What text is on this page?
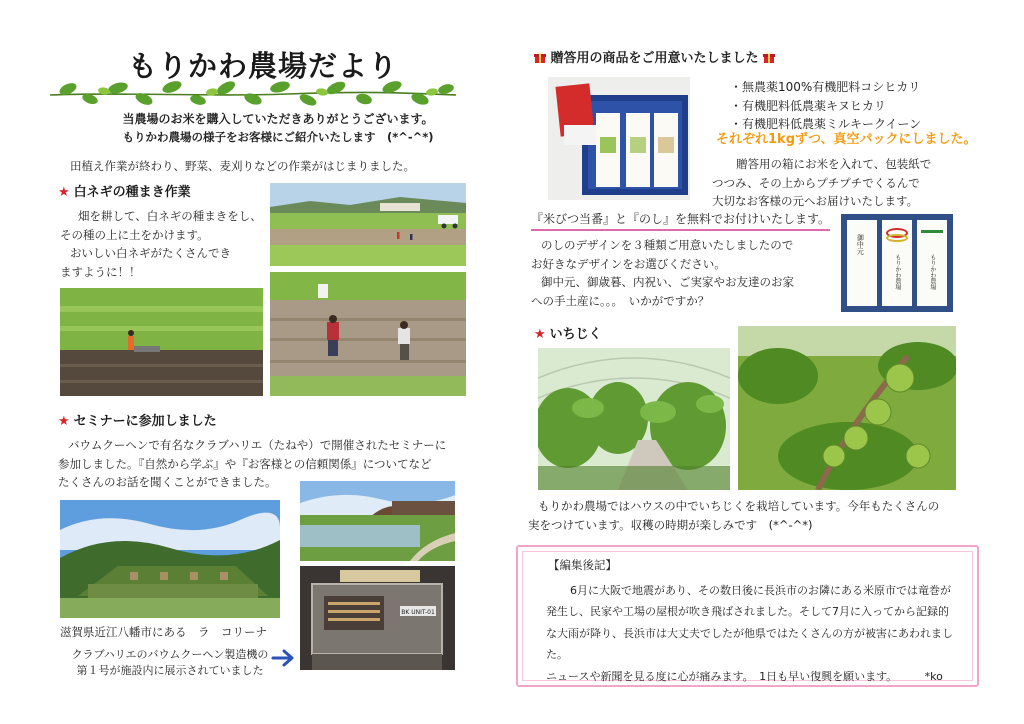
もりかわ農場だより
当農場のお米を購入していただきありがとうございます。
もりかわ農場の様子をお客様にご紹介いたします　(*^-^*)
田植え作業が終わり、野菜、麦刈りなどの作業がはじまりました。
★ 白ネギの種まき作業
畑を耕して、白ネギの種まきをし、
その種の上に土をかけます。
おいしい白ネギがたくさんでき
ますように！！
★ セミナーに参加しました
バウムクーヘンで有名なクラブハリエ（たねや）で開催されたセミナーに
参加しました。『自然から学ぶ』や『お客様との信頼関係』についてなど
たくさんのお話を聞くことができました。
滋賀県近江八幡市にある　ラ　コリーナ
クラブハリエのバウムクーヘン製造機の
第１号が施設内に展示されていました
BK UNIT-01
贈答用の商品をご用意いたしました
・無農薬100%有機肥料コシヒカリ
・有機肥料低農薬キヌヒカリ
・有機肥料低農薬ミルキークイーン
それぞれ1kgずつ、真空パックにしました。
贈答用の箱にお米を入れて、包装紙で
つつみ、その上からプチプチでくるんで
大切なお客様の元へお届けいたします。
『米びつ当番』と『のし』を無料でお付けいたします。
のしのデザインを３種類ご用意いたしましたので
お好きなデザインをお選びください。
御中元、御歳暮、内祝い、ご実家やお友達のお家
への手土産に。。。　いかがですか？
御中元
もりかわ農場	もりかわ農場
★ いちじく
もりかわ農場ではハウスの中でいちじくを栽培しています。今年もたくさんの
実をつけています。収穫の時期が楽しみです　(*^-^*)
【編集後記】
6月に大阪で地震があり、その数日後に長浜市のお隣にある米原市では竜巻が
発生し、民家や工場の屋根が吹き飛ばされました。そして7月に入ってから記録的
な大雨が降り、長浜市は大丈夫でしたが他県ではたくさんの方が被害にあわれました。
ニュースや新聞を見る度に心が痛みます。　1日も早い復興を願います。　　　*ko
